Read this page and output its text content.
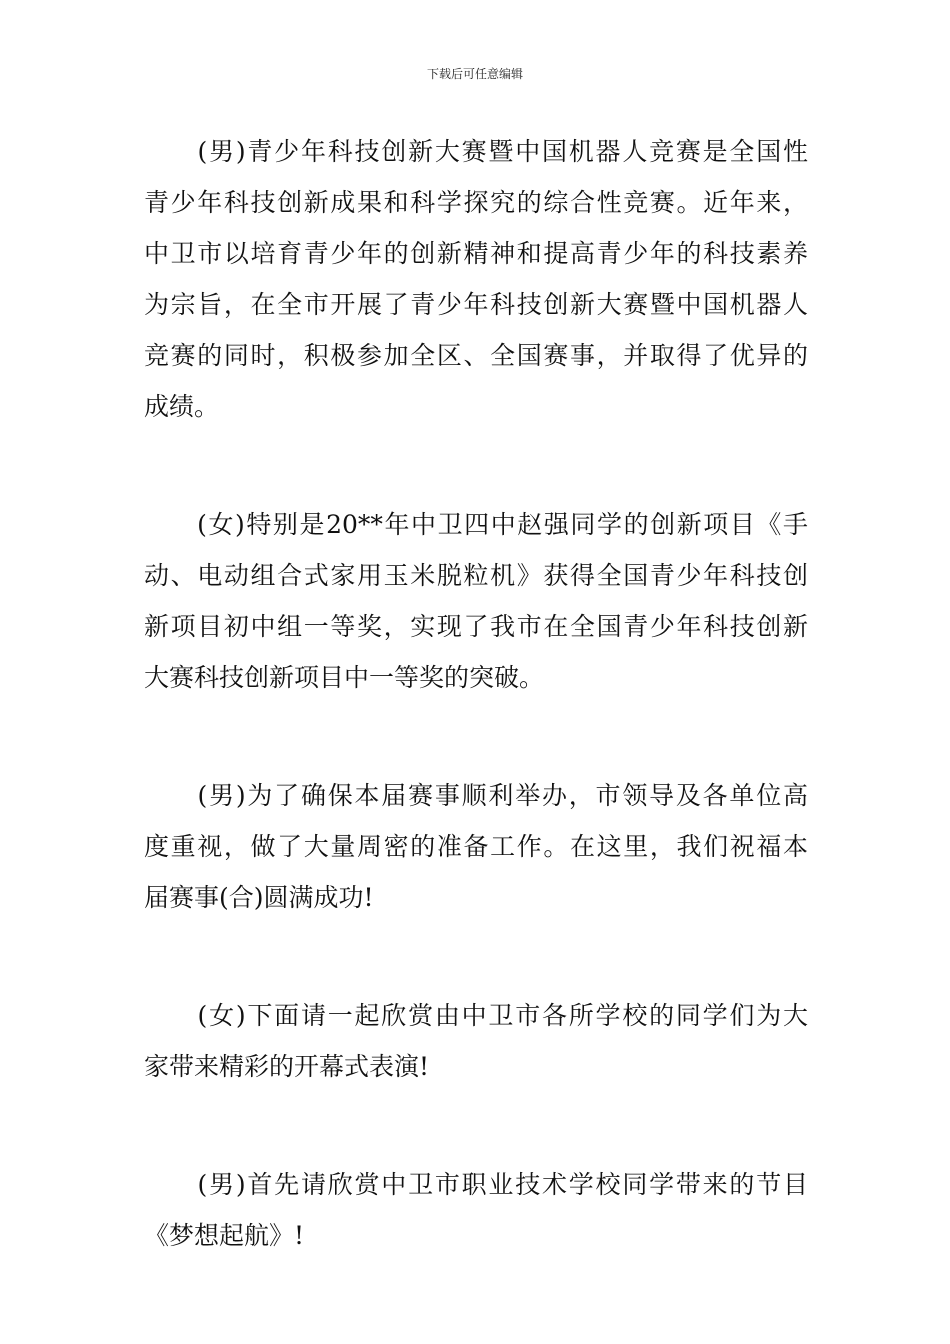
下载后可任意编辑
　　(男)青少年科技创新大赛暨中国机器人竞赛是全国性
青少年科技创新成果和科学探究的综合性竞赛。近年来，
中卫市以培育青少年的创新精神和提高青少年的科技素养
为宗旨，在全市开展了青少年科技创新大赛暨中国机器人
竞赛的同时，积极参加全区、全国赛事，并取得了优异的
成绩。
　　(女)特别是20**年中卫四中赵强同学的创新项目《手
动、电动组合式家用玉米脱粒机》获得全国青少年科技创
新项目初中组一等奖，实现了我市在全国青少年科技创新
大赛科技创新项目中一等奖的突破。
　　(男)为了确保本届赛事顺利举办，市领导及各单位高
度重视，做了大量周密的准备工作。在这里，我们祝福本
届赛事(合)圆满成功!
　　(女)下面请一起欣赏由中卫市各所学校的同学们为大
家带来精彩的开幕式表演!
　　(男)首先请欣赏中卫市职业技术学校同学带来的节目
《梦想起航》!
